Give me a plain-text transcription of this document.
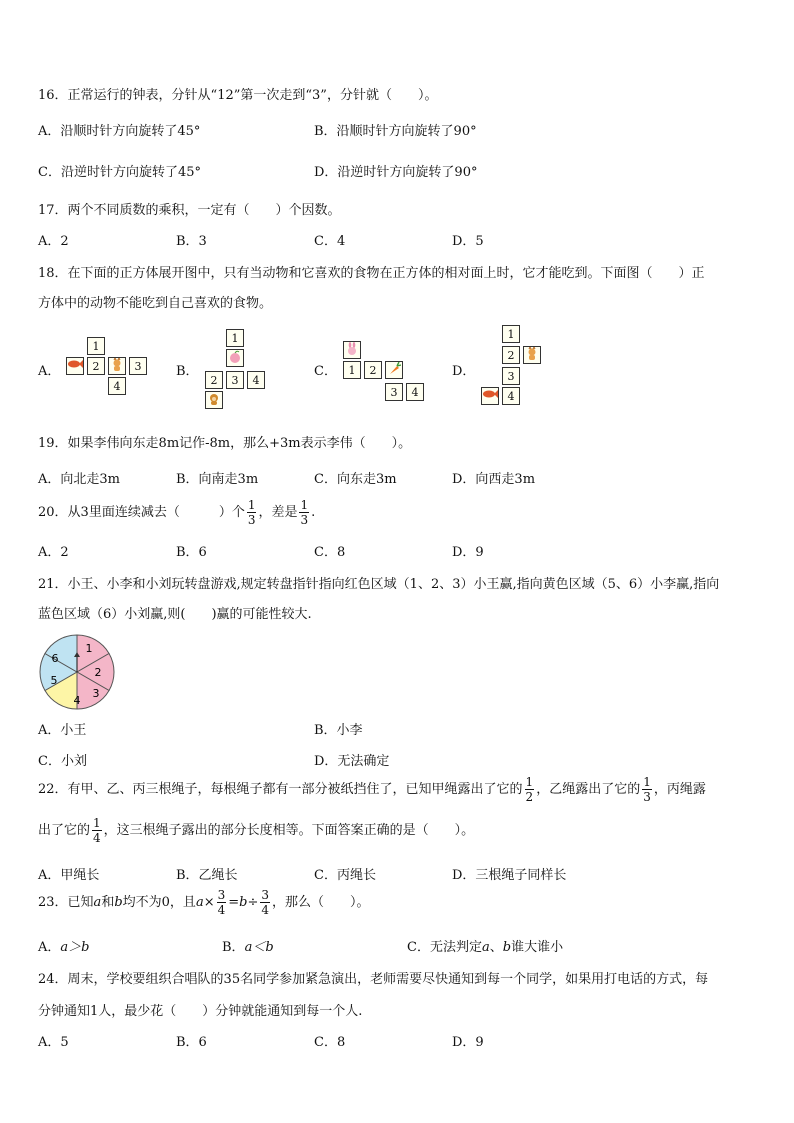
16．正常运行的钟表，分针从“12”第一次走到“3”，分针就（　　）。
A．沿顺时针方向旋转了45°	B．沿顺时针方向旋转了90°
C．沿逆时针方向旋转了45°	D．沿逆时针方向旋转了90°
17．两个不同质数的乘积，一定有（　　）个因数。
A．2	B．3	C．4	D．5
18．在下面的正方体展开图中，只有当动物和它喜欢的食物在正方体的相对面上时，它才能吃到。下面图（　　）正
方体中的动物不能吃到自己喜欢的食物。
A．
1
2	3
4
B．
1
2	3	4
C．	1	2
3	4
D．
1
2
3
4
19．如果李伟向东走8m记作-8m，那么+3m表示李伟（　　）。
A．向北走3m	B．向南走3m	C．向东走3m	D．向西走3m
20．从3里面连续减去（　　　）个 $\frac{1}{3}$ ，差是 $\frac{1}{3}$ .
A．2	B．6	C．8	D．9
21．小王、小李和小刘玩转盘游戏,规定转盘指针指向红色区域（1、2、3）小王赢,指向黄色区域（5、6）小李赢,指向
蓝色区域（6）小刘赢,则(　　)赢的可能性较大.
1
2
3
4
5
6
A．小王	B．小李
C．小刘	D．无法确定
22．有甲、乙、丙三根绳子，每根绳子都有一部分被纸挡住了，已知甲绳露出了它的 $\frac{1}{2}$ ，乙绳露出了它的 $\frac{1}{3}$ ，丙绳露
出了它的 $\frac{1}{4}$ ，这三根绳子露出的部分长度相等。下面答案正确的是（　　）。
A．甲绳长	B．乙绳长	C．丙绳长	D．三根绳子同样长
23．已知a和b均不为0，且$a\times \frac{3}{4} =b\div \frac{3}{4}$ ，那么（　　）。
A．a＞b	B．a＜b	C．无法判定a、b谁大谁小
24．周末，学校要组织合唱队的35名同学参加紧急演出，老师需要尽快通知到每一个同学，如果用打电话的方式，每
分钟通知1人，最少花（　　）分钟就能通知到每一个人.
A．5	B．6	C．8	D．9
